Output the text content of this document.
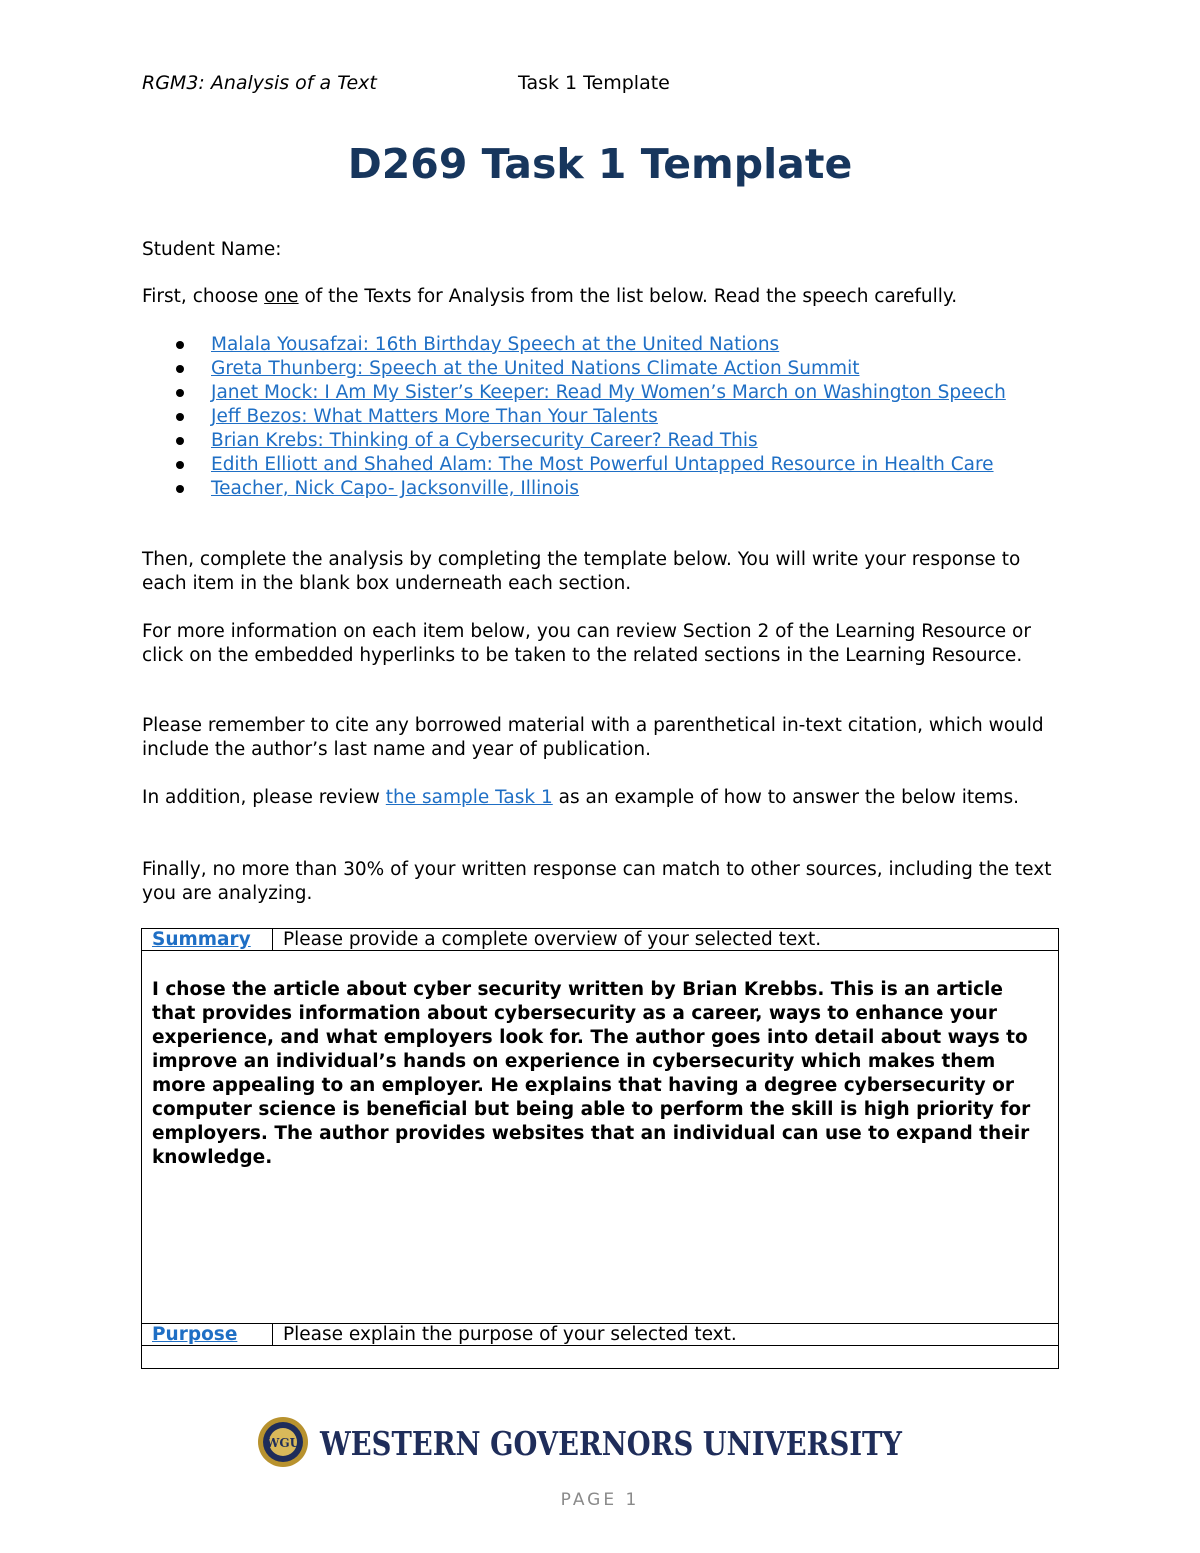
RGM3: Analysis of a Text	Task 1 Template
D269 Task 1 Template
Student Name:
First, choose one of the Texts for Analysis from the list below. Read the speech carefully.
Malala Yousafzai: 16th Birthday Speech at the United Nations
Greta Thunberg: Speech at the United Nations Climate Action Summit
Janet Mock: I Am My Sister’s Keeper: Read My Women’s March on Washington Speech
Jeff Bezos: What Matters More Than Your Talents
Brian Krebs: Thinking of a Cybersecurity Career? Read This
Edith Elliott and Shahed Alam: The Most Powerful Untapped Resource in Health Care
Teacher, Nick Capo- Jacksonville, Illinois
Then, complete the analysis by completing the template below. You will write your response to each item in the blank box underneath each section.
For more information on each item below, you can review Section 2 of the Learning Resource or click on the embedded hyperlinks to be taken to the related sections in the Learning Resource.
Please remember to cite any borrowed material with a parenthetical in-text citation, which would include the author’s last name and year of publication.
In addition, please review the sample Task 1 as an example of how to answer the below items.
Finally, no more than 30% of your written response can match to other sources, including the text you are analyzing.
Summary	Please provide a complete overview of your selected text.
I chose the article about cyber security written by Brian Krebbs. This is an article that provides information about cybersecurity as a career, ways to enhance your experience, and what employers look for. The author goes into detail about ways to improve an individual’s hands on experience in cybersecurity which makes them more appealing to an employer. He explains that having a degree cybersecurity or computer science is beneficial but being able to perform the skill is high priority for employers. The author provides websites that an individual can use to expand their knowledge.	
Purpose	Please explain the purpose of your selected text.

WGU WESTERN GOVERNORS UNIVERSITY
PAGE 1
